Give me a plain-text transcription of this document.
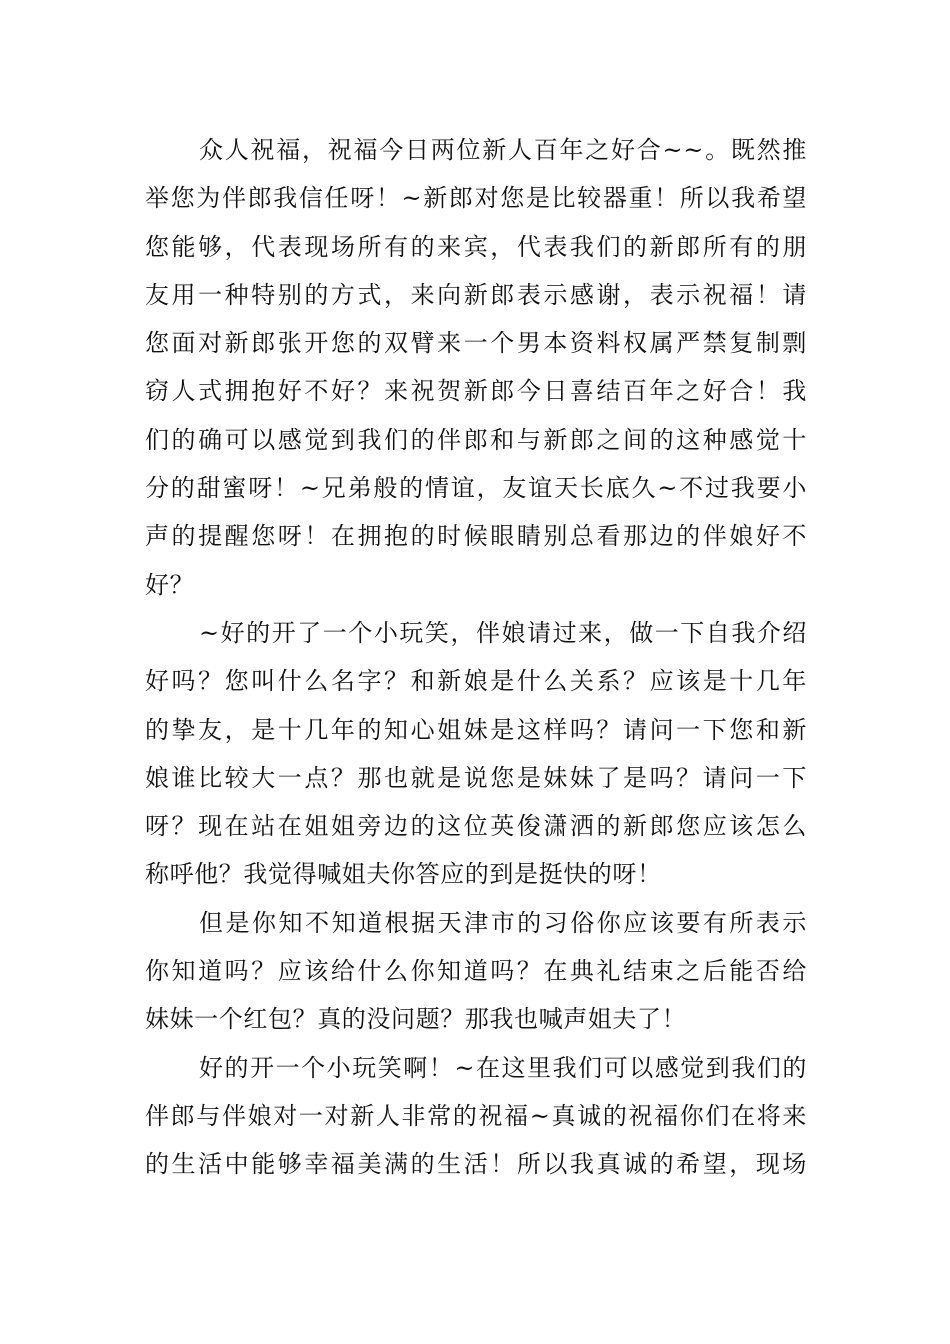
众人祝福，祝福今日两位新人百年之好合~~。既然推
举您为伴郎我信任呀！~新郎对您是比较器重！所以我希望
您能够，代表现场所有的来宾，代表我们的新郎所有的朋
友用一种特别的方式，来向新郎表示感谢，表示祝福！请
您面对新郎张开您的双臂来一个男本资料权属严禁复制剽
窃人式拥抱好不好？来祝贺新郎今日喜结百年之好合！我
们的确可以感觉到我们的伴郎和与新郎之间的这种感觉十
分的甜蜜呀！~兄弟般的情谊，友谊天长底久~不过我要小
声的提醒您呀！在拥抱的时候眼睛别总看那边的伴娘好不
好？
~好的开了一个小玩笑，伴娘请过来，做一下自我介绍
好吗？您叫什么名字？和新娘是什么关系？应该是十几年
的挚友，是十几年的知心姐妹是这样吗？请问一下您和新
娘谁比较大一点？那也就是说您是妹妹了是吗？请问一下
呀？现在站在姐姐旁边的这位英俊潇洒的新郎您应该怎么
称呼他？我觉得喊姐夫你答应的到是挺快的呀！
但是你知不知道根据天津市的习俗你应该要有所表示
你知道吗？应该给什么你知道吗？在典礼结束之后能否给
妹妹一个红包？真的没问题？那我也喊声姐夫了！
好的开一个小玩笑啊！~在这里我们可以感觉到我们的
伴郎与伴娘对一对新人非常的祝福~真诚的祝福你们在将来
的生活中能够幸福美满的生活！所以我真诚的希望，现场
